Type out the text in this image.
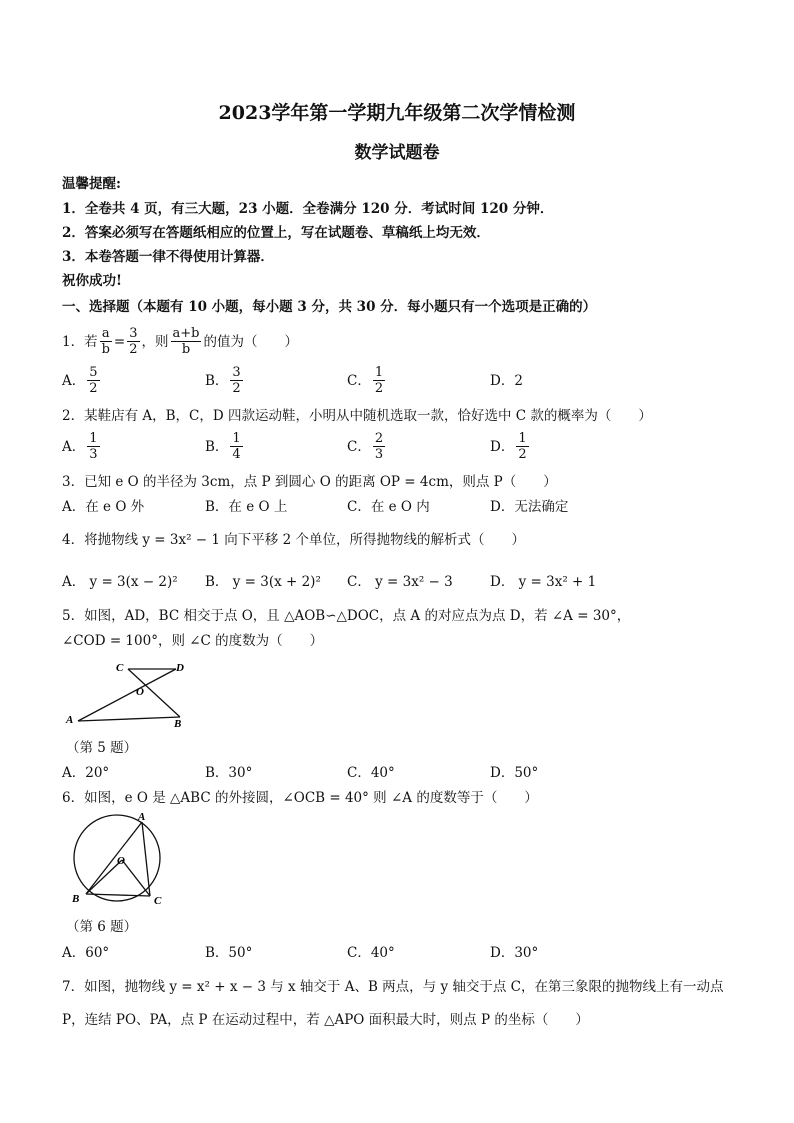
2023学年第一学期九年级第二次学情检测
数学试题卷
温馨提醒:
1．全卷共 4 页，有三大题，23 小题．全卷满分 120 分．考试时间 120 分钟．
2．答案必须写在答题纸相应的位置上，写在试题卷、草稿纸上均无效．
3．本卷答题一律不得使用计算器．
祝你成功!
一、选择题（本题有 10 小题，每小题 3 分，共 30 分．每小题只有一个选项是正确的）
1．若 $\frac{a}{b} = \frac{3}{2}$ ，则 $\frac{a+b}{b}$ 的值为（　　）
A． $\frac{5}{2}$	B． $\frac{3}{2}$	C． $\frac{1}{2}$	D． 2
2．某鞋店有 A，B，C，D 四款运动鞋，小明从中随机选取一款，恰好选中 C 款的概率为（　　）
A． $\frac{1}{3}$	B． $\frac{1}{4}$	C． $\frac{2}{3}$	D． $\frac{1}{2}$
3．已知 e O 的半径为 3cm，点 P 到圆心 O 的距离 OP = 4cm，则点 P（　　）
A．在 e O 外	B．在 e O 上	C．在 e O 内	D．无法确定
4．将抛物线 y = 3x² − 1 向下平移 2 个单位，所得抛物线的解析式（　　）
A． y = 3(x − 2)² B． y = 3(x + 2)² C． y = 3x² − 3	D． y = 3x² + 1
5．如图，AD，BC 相交于点 O，且 △AOB∽△DOC，点 A 的对应点为点 D，若 ∠A = 30°，
∠COD = 100°，则 ∠C 的度数为（　　）
C	D
O
A	B
（第 5 题）
A．20°	B．30°	C．40°	D．50°
6．如图，e O 是 △ABC 的外接圆，∠OCB = 40° 则 ∠A 的度数等于（　　）
A
O
B	C
（第 6 题）
A．60°	B．50°	C．40°	D．30°
7．如图，抛物线 y = x² + x − 3 与 x 轴交于 A、B 两点，与 y 轴交于点 C，在第三象限的抛物线上有一动点
P，连结 PO、PA，点 P 在运动过程中，若 △APO 面积最大时，则点 P 的坐标（　　）
